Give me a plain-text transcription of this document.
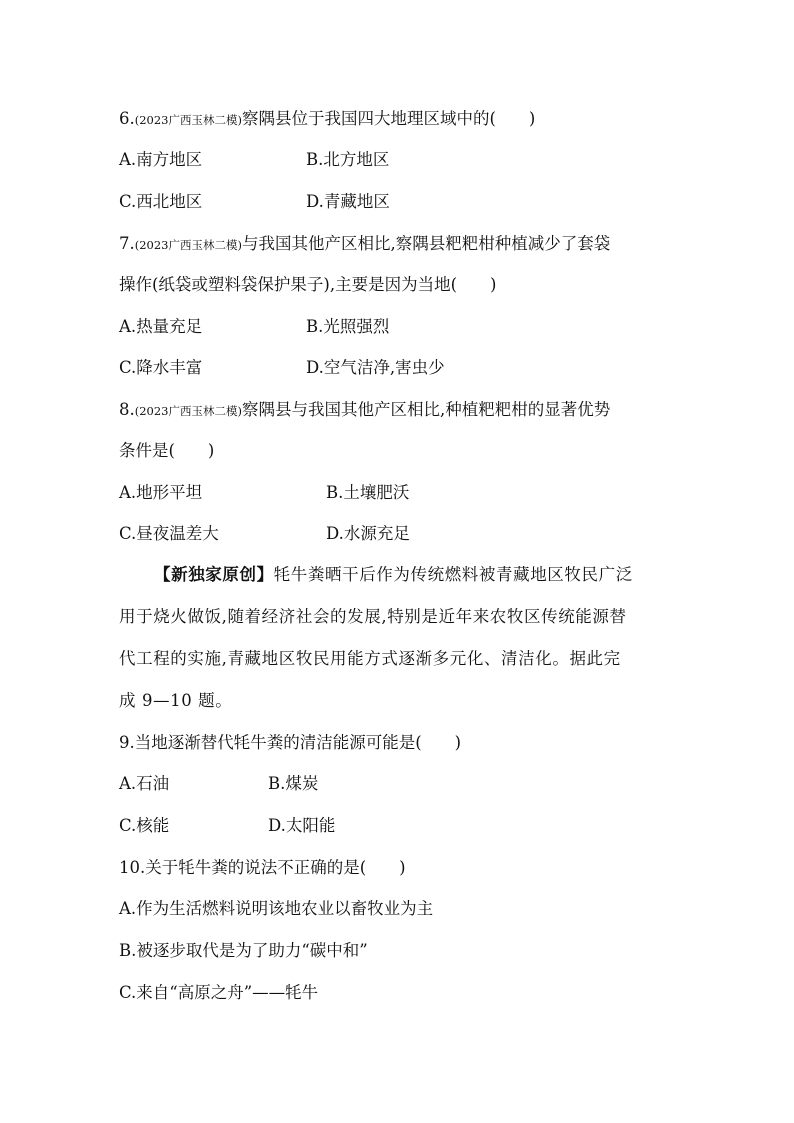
6.(2023广西玉林二模)察隅县位于我国四大地理区域中的(　　)
A.南方地区	B.北方地区
C.西北地区	D.青藏地区
7.(2023广西玉林二模)与我国其他产区相比,察隅县粑粑柑种植减少了套袋
操作(纸袋或塑料袋保护果子),主要是因为当地(　　)
A.热量充足	B.光照强烈
C.降水丰富	D.空气洁净,害虫少
8.(2023广西玉林二模)察隅县与我国其他产区相比,种植粑粑柑的显著优势
条件是(　　)
A.地形平坦	B.土壤肥沃
C.昼夜温差大	D.水源充足
【新独家原创】牦牛粪晒干后作为传统燃料被青藏地区牧民广泛
用于烧火做饭,随着经济社会的发展,特别是近年来农牧区传统能源替
代工程的实施,青藏地区牧民用能方式逐渐多元化、清洁化。据此完
成 9—10 题。
9.当地逐渐替代牦牛粪的清洁能源可能是(　　)
A.石油	B.煤炭
C.核能	D.太阳能
10.关于牦牛粪的说法不正确的是(　　)
A.作为生活燃料说明该地农业以畜牧业为主
B.被逐步取代是为了助力“碳中和”
C.来自“高原之舟”——牦牛
